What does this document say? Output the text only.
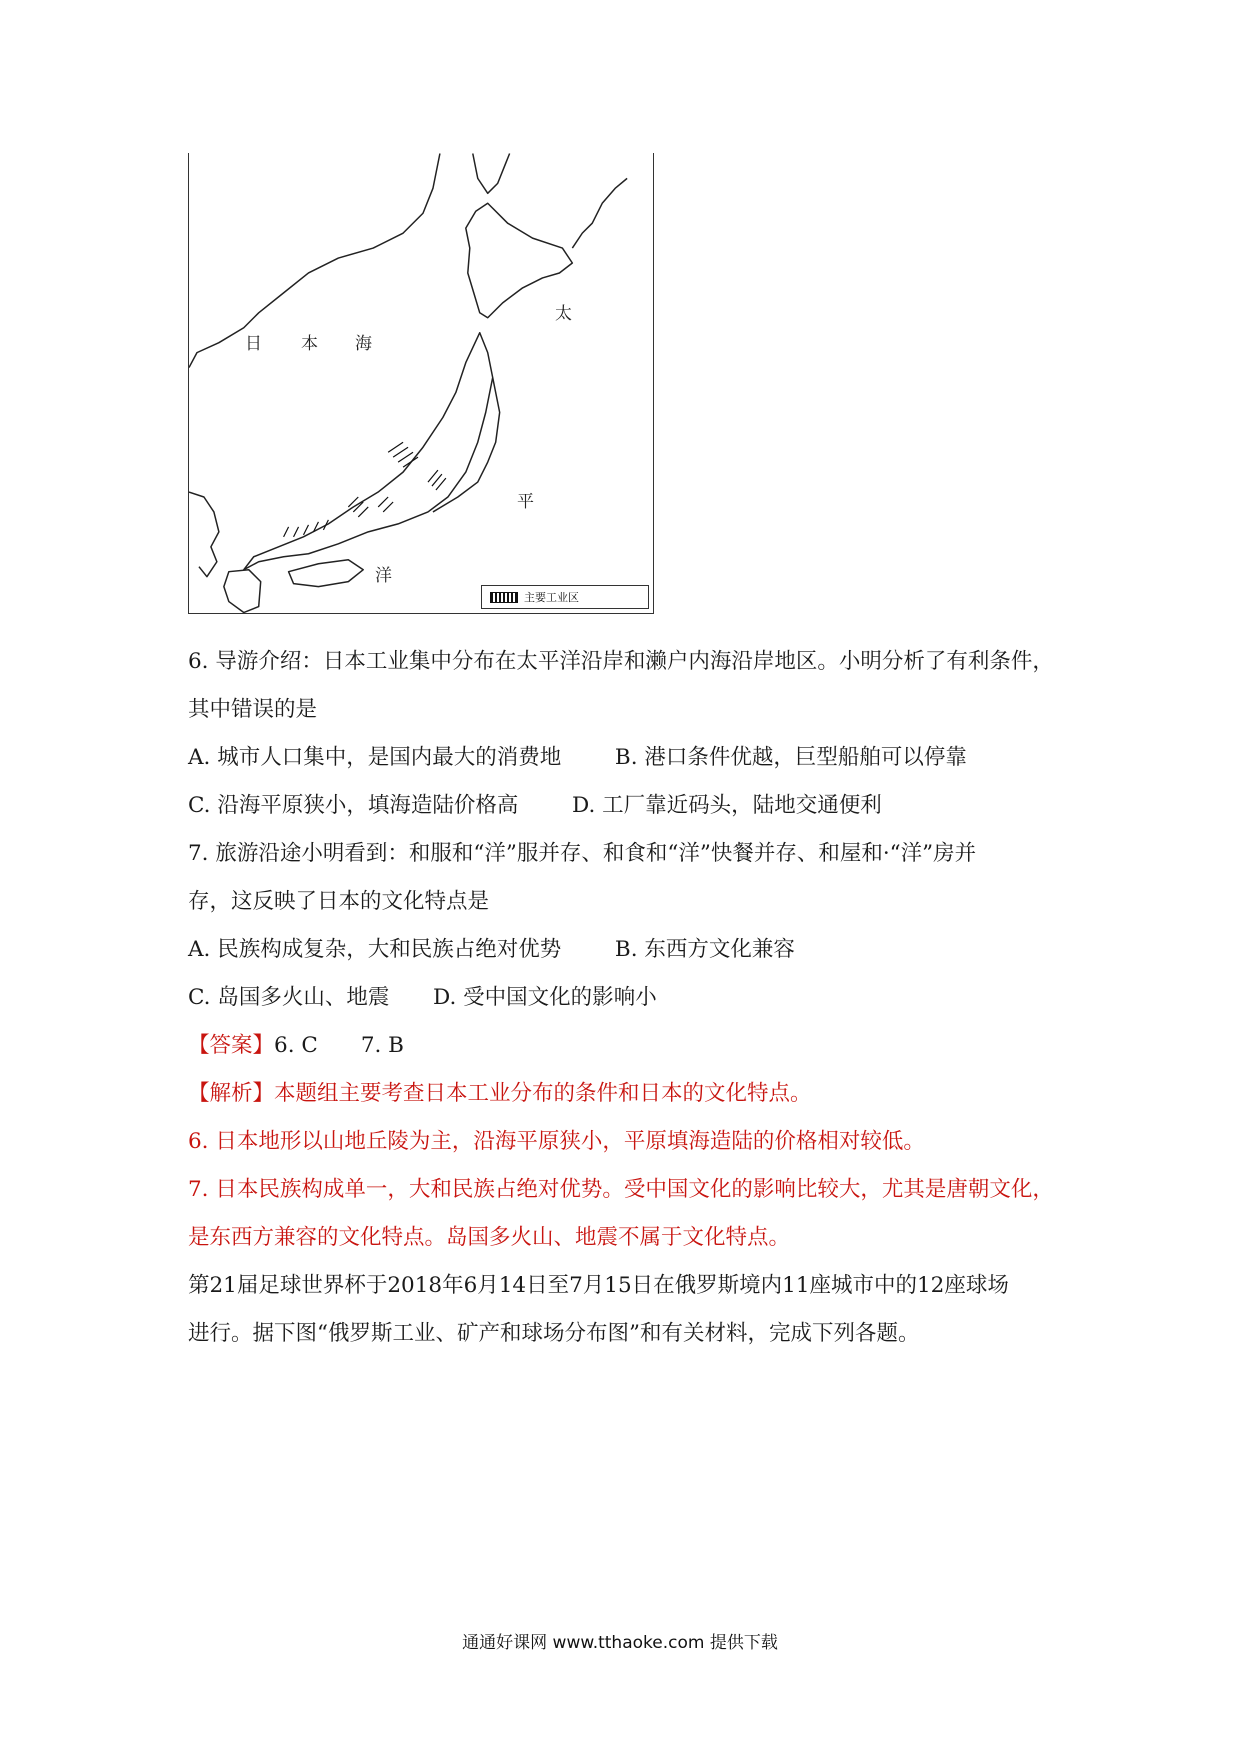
日 本 海
太
平
洋
主要工业区
6. 导游介绍：日本工业集中分布在太平洋沿岸和濑户内海沿岸地区。小明分析了有利条件，
其中错误的是
A. 城市人口集中，是国内最大的消费地 B. 港口条件优越，巨型船舶可以停靠
C. 沿海平原狭小，填海造陆价格高 D. 工厂靠近码头，陆地交通便利
7. 旅游沿途小明看到：和服和“洋”服并存、和食和“洋”快餐并存、和屋和·“洋”房并
存，这反映了日本的文化特点是
A. 民族构成复杂，大和民族占绝对优势 B. 东西方文化兼容
C. 岛国多火山、地震 D. 受中国文化的影响小
【答案】6. C　　7. B
【解析】本题组主要考查日本工业分布的条件和日本的文化特点。
6. 日本地形以山地丘陵为主，沿海平原狭小，平原填海造陆的价格相对较低。
7. 日本民族构成单一，大和民族占绝对优势。受中国文化的影响比较大，尤其是唐朝文化，
是东西方兼容的文化特点。岛国多火山、地震不属于文化特点。
第21届足球世界杯于2018年6月14日至7月15日在俄罗斯境内11座城市中的12座球场
进行。据下图“俄罗斯工业、矿产和球场分布图”和有关材料，完成下列各题。
通通好课网 www.tthaoke.com 提供下载
